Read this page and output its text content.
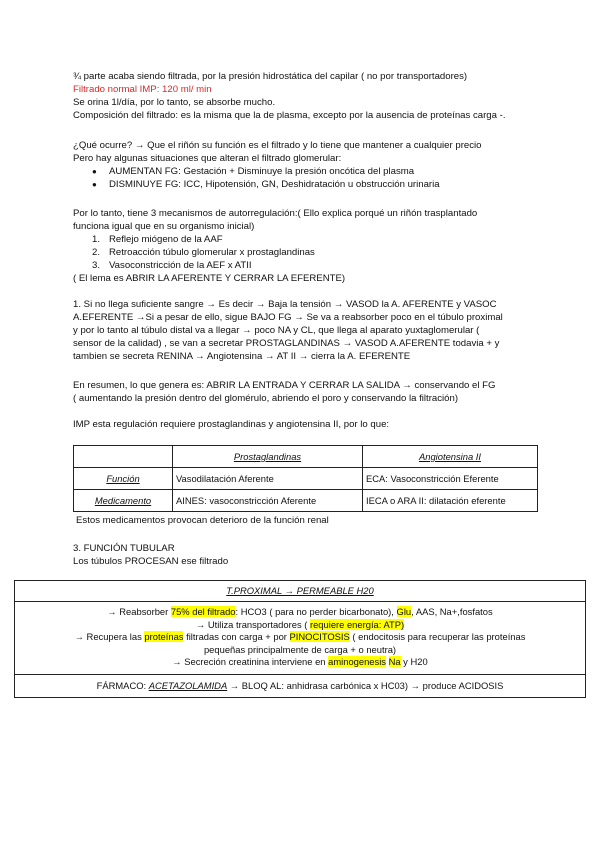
¾ parte acaba siendo filtrada, por la presión hidrostática del capilar ( no por transportadores)
Filtrado normal IMP: 120 ml/ min
Se orina 1l/día, por lo tanto, se absorbe mucho.
Composición del filtrado: es la misma que la de plasma, excepto por la ausencia de proteínas carga -.
¿Qué ocurre? → Que el riñón su función es el filtrado y lo tiene que mantener a cualquier precio
Pero hay algunas situaciones que alteran el filtrado glomerular:
● AUMENTAN FG: Gestación + Disminuye la presión oncótica del plasma
● DISMINUYE FG: ICC, Hipotensión, GN, Deshidratación u obstrucción urinaria
Por lo tanto, tiene 3 mecanismos de autorregulación:( Ello explica porqué un riñón trasplantado
funciona igual que en su organismo inicial)
1. Reflejo miógeno de la AAF
2. Retroacción túbulo glomerular x prostaglandinas
3. Vasoconstricción de la AEF x ATII
( El lema es ABRIR LA AFERENTE Y CERRAR LA EFERENTE)
1. Si no llega suficiente sangre → Es decir → Baja la tensión → VASOD la A. AFERENTE y VASOC
A.EFERENTE →Si a pesar de ello, sigue BAJO FG → Se va a reabsorber poco en el túbulo proximal
y por lo tanto al túbulo distal va a llegar → poco NA y CL, que llega al aparato yuxtaglomerular (
sensor de la calidad) , se van a secretar PROSTAGLANDINAS → VASOD A.AFERENTE todavia + y
tambien se secreta RENINA → Angiotensina → AT II → cierra la A. EFERENTE
En resumen, lo que genera es: ABRIR LA ENTRADA Y CERRAR LA SALIDA → conservando el FG
( aumentando la presión dentro del glomérulo, abriendo el poro y conservando la filtración)
IMP esta regulación requiere prostaglandinas y angiotensina II, por lo que:
	Prostaglandinas	Angiotensina II
Función	Vasodilatación Aferente	ECA: Vasoconstricción Eferente
Medicamento	AINES: vasoconstricción Aferente	IECA o ARA II: dilatación eferente
Estos medicamentos provocan deterioro de la función renal
3. FUNCIÓN TUBULAR
Los túbulos PROCESAN ese filtrado
T.PROXIMAL → PERMEABLE H20
→ Reabsorber 75% del filtrado: HCO3 ( para no perder bicarbonato), Glu, AAS, Na+,fosfatos
→ Utiliza transportadores ( requiere energía: ATP)
→ Recupera las proteínas filtradas con carga + por PINOCITOSIS ( endocitosis para recuperar las proteínas
pequeñas principalmente de carga + o neutra)
→ Secreción creatinina interviene en aminogenesis Na y H20
FÁRMACO: ACETAZOLAMIDA → BLOQ AL: anhidrasa carbónica x HC03) → produce ACIDOSIS
